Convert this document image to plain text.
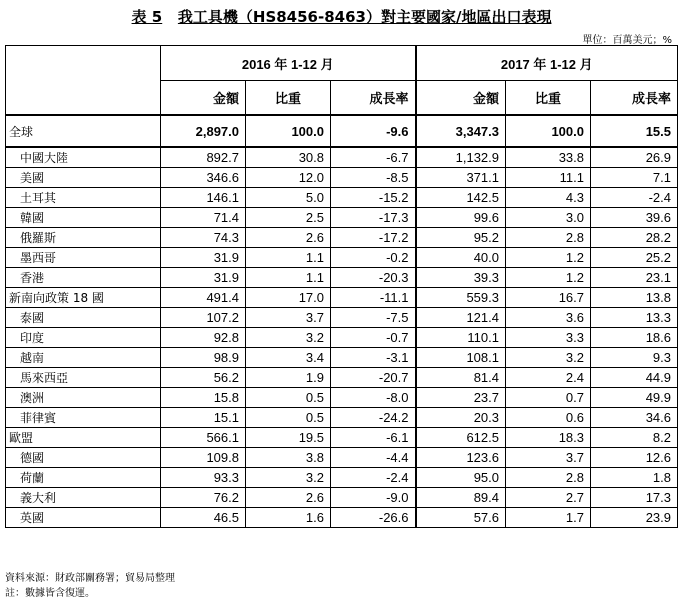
表 5 我工具機（HS8456-8463）對主要國家/地區出口表現
單位：百萬美元；%
	2016 年 1-12 月			2017 年 1-12 月		
	金額	比重	成長率	金額	比重	成長率
全球	2,897.0	100.0	-9.6	3,347.3	100.0	15.5
中國大陸	892.7	30.8	-6.7	1,132.9	33.8	26.9
美國	346.6	12.0	-8.5	371.1	11.1	7.1
土耳其	146.1	5.0	-15.2	142.5	4.3	-2.4
韓國	71.4	2.5	-17.3	99.6	3.0	39.6
俄羅斯	74.3	2.6	-17.2	95.2	2.8	28.2
墨西哥	31.9	1.1	-0.2	40.0	1.2	25.2
香港	31.9	1.1	-20.3	39.3	1.2	23.1
新南向政策 18 國	491.4	17.0	-11.1	559.3	16.7	13.8
泰國	107.2	3.7	-7.5	121.4	3.6	13.3
印度	92.8	3.2	-0.7	110.1	3.3	18.6
越南	98.9	3.4	-3.1	108.1	3.2	9.3
馬來西亞	56.2	1.9	-20.7	81.4	2.4	44.9
澳洲	15.8	0.5	-8.0	23.7	0.7	49.9
菲律賓	15.1	0.5	-24.2	20.3	0.6	34.6
歐盟	566.1	19.5	-6.1	612.5	18.3	8.2
德國	109.8	3.8	-4.4	123.6	3.7	12.6
荷蘭	93.3	3.2	-2.4	95.0	2.8	1.8
義大利	76.2	2.6	-9.0	89.4	2.7	17.3
英國	46.5	1.6	-26.6	57.6	1.7	23.9
資料來源：財政部關務署；貿易局整理
註：數據皆含復運。
